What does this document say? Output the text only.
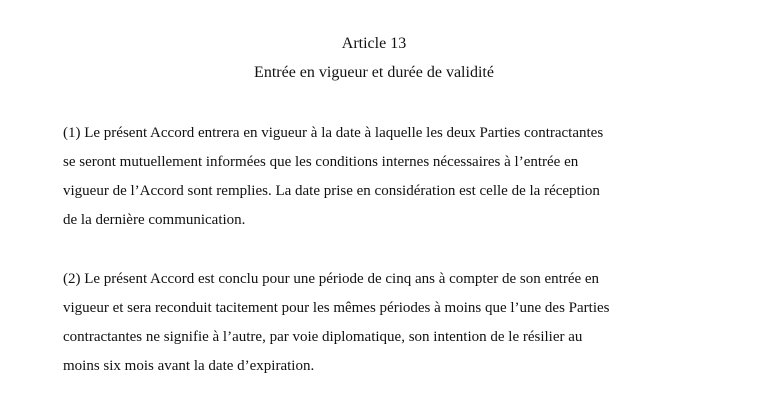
Article 13
Entrée en vigueur et durée de validité

(1) Le présent Accord entrera en vigueur à la date à laquelle les deux Parties contractantes
se seront mutuellement informées que les conditions internes nécessaires à l’entrée en
vigueur de l’Accord sont remplies. La date prise en considération est celle de la réception
de la dernière communication.

(2) Le présent Accord est conclu pour une période de cinq ans à compter de son entrée en
vigueur et sera reconduit tacitement pour les mêmes périodes à moins que l’une des Parties
contractantes ne signifie à l’autre, par voie diplomatique, son intention de le résilier au
moins six mois avant la date d’expiration.
